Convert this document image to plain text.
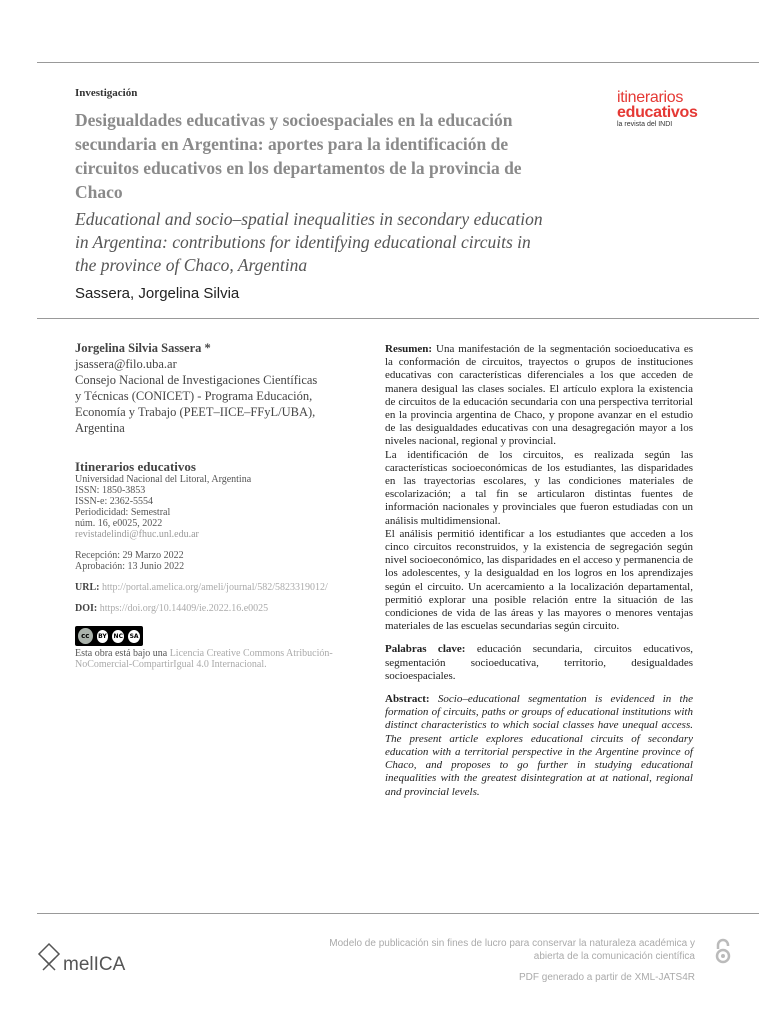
Investigación
Desigualdades educativas y socioespaciales en la educación secundaria en Argentina: aportes para la identificación de circuitos educativos en los departamentos de la provincia de Chaco
Educational and socio–spatial inequalities in secondary education in Argentina: contributions for identifying educational circuits in the province of Chaco, Argentina
Sassera, Jorgelina Silvia
itinerarios
educativos
la revista del INDI
Jorgelina Silvia Sassera *
jsassera@filo.uba.ar
Consejo Nacional de Investigaciones Científicas
y Técnicas (CONICET) - Programa Educación,
Economía y Trabajo (PEET–IICE–FFyL/UBA),
Argentina
Itinerarios educativos
Universidad Nacional del Litoral, Argentina
ISSN: 1850-3853
ISSN-e: 2362-5554
Periodicidad: Semestral
núm. 16, e0025, 2022
revistadelindi@fhuc.unl.edu.ar
Recepción: 29 Marzo 2022
Aprobación: 13 Junio 2022
URL: http://portal.amelica.org/ameli/journal/582/5823319012/
DOI: https://doi.org/10.14409/ie.2022.16.e0025
cc	BY NC SA
Esta obra está bajo una Licencia Creative Commons Atribución-NoComercial-CompartirIgual 4.0 Internacional.

Resumen: Una manifestación de la segmentación socioeducativa es la conformación de circuitos, trayectos o grupos de instituciones educativas con características diferenciales a los que acceden de manera desigual las clases sociales. El artículo explora la existencia de circuitos de la educación secundaria con una perspectiva territorial en la provincia argentina de Chaco, y propone avanzar en el estudio de las desigualdades educativas con una desagregación mayor a los niveles nacional, regional y provincial.

La identificación de los circuitos, es realizada según las características socioeconómicas de los estudiantes, las disparidades en las trayectorias escolares, y las condiciones materiales de escolarización; a tal fin se articularon distintas fuentes de información nacionales y provinciales que fueron estudiadas con un análisis multidimensional.

El análisis permitió identificar a los estudiantes que acceden a los cinco circuitos reconstruidos, y la existencia de segregación según nivel socioeconómico, las disparidades en el acceso y permanencia de los adolescentes, y la desigualdad en los logros en los aprendizajes según el circuito. Un acercamiento a la localización departamental, permitió explorar una posible relación entre la situación de las condiciones de vida de las áreas y las mayores o menores ventajas materiales de las escuelas secundarias según circuito.

Palabras clave: educación secundaria, circuitos educativos, segmentación socioeducativa, territorio, desigualdades socioespaciales.

Abstract: Socio–educational segmentation is evidenced in the formation of circuits, paths or groups of educational institutions with distinct characteristics to which social classes have unequal access. The present article explores educational circuits of secondary education with a territorial perspective in the Argentine province of Chaco, and proposes to go further in studying educational inequalities with the greatest disintegration at at national, regional and provincial levels.

melICA
Modelo de publicación sin fines de lucro para conservar la naturaleza académica y
abierta de la comunicación científica
PDF generado a partir de XML-JATS4R
